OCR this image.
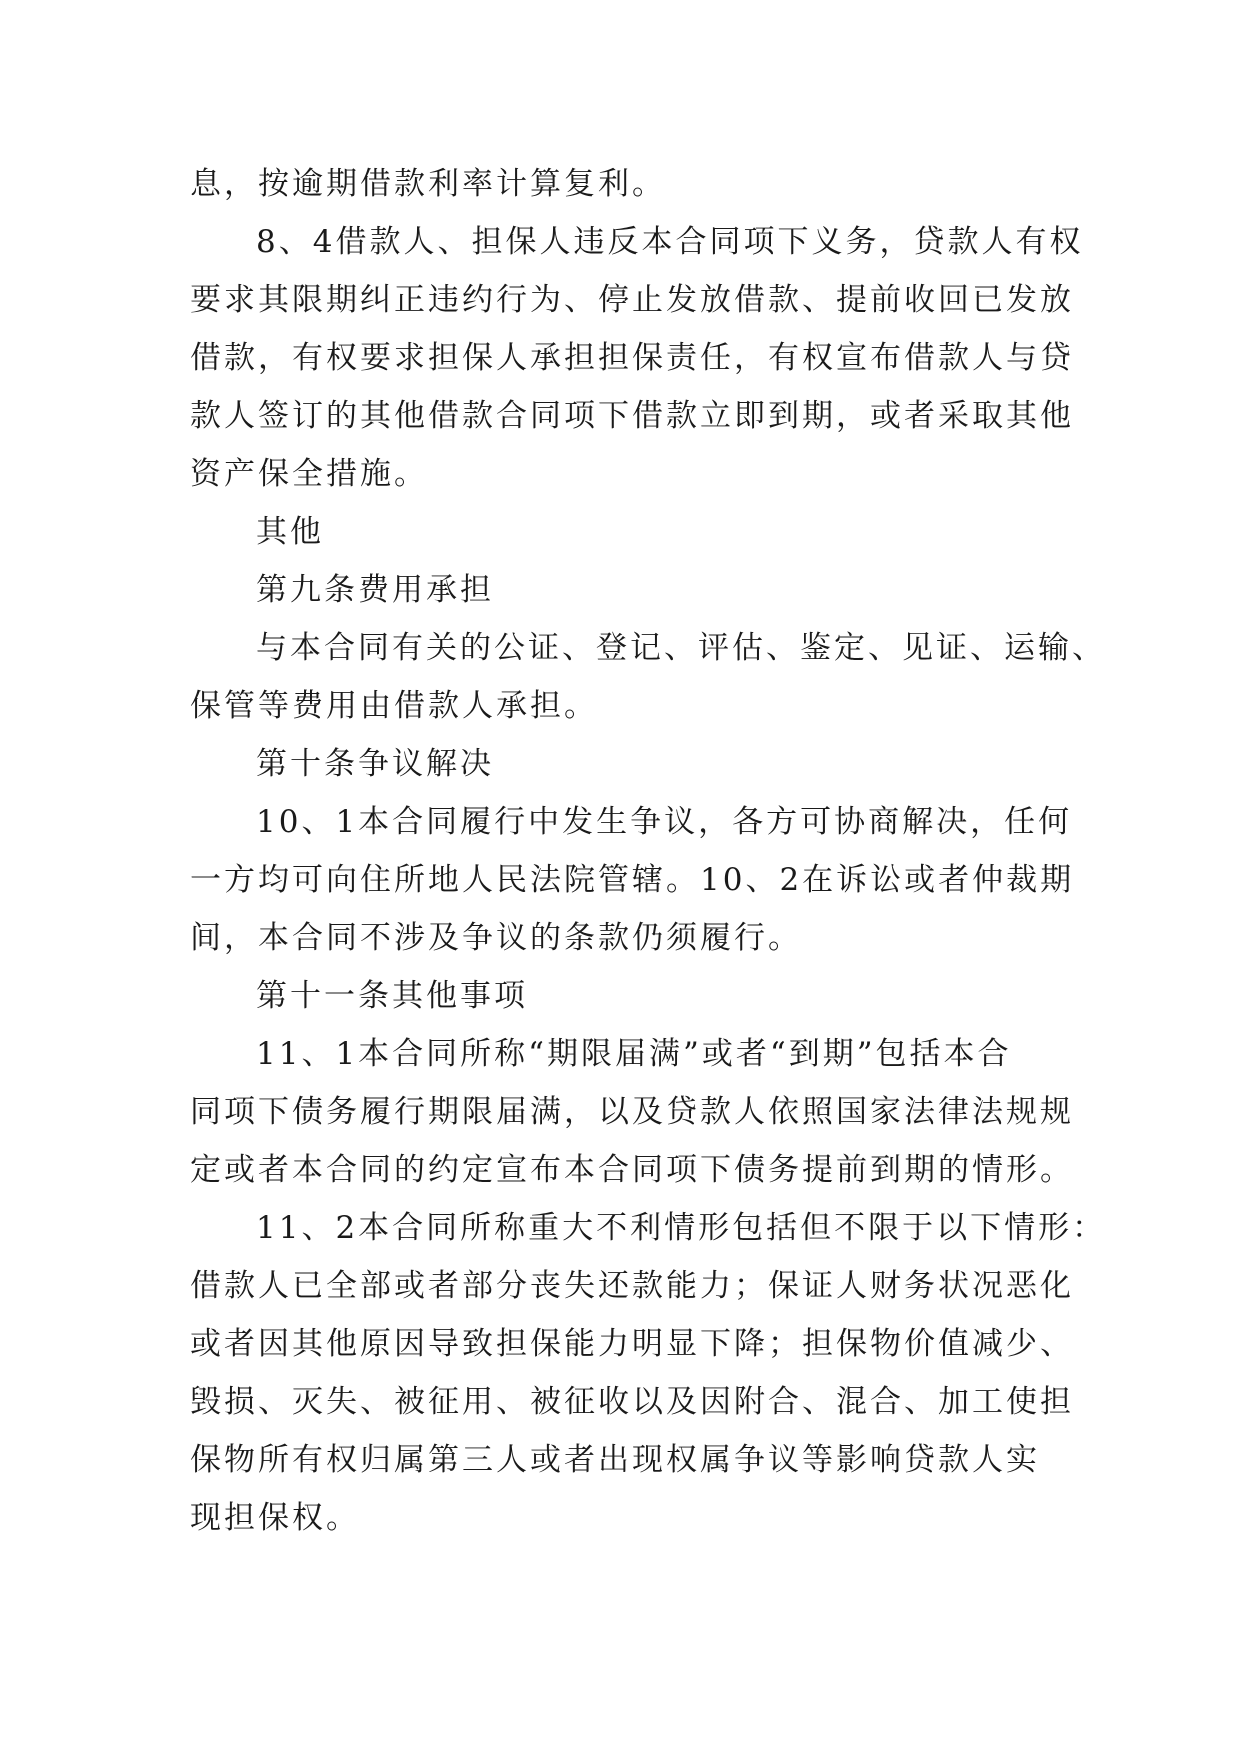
息，按逾期借款利率计算复利。
8、4借款人、担保人违反本合同项下义务，贷款人有权
要求其限期纠正违约行为、停止发放借款、提前收回已发放
借款，有权要求担保人承担担保责任，有权宣布借款人与贷
款人签订的其他借款合同项下借款立即到期，或者采取其他
资产保全措施。
其他
第九条费用承担
与本合同有关的公证、登记、评估、鉴定、见证、运输、
保管等费用由借款人承担。
第十条争议解决
10、1本合同履行中发生争议，各方可协商解决，任何
一方均可向住所地人民法院管辖。10、2在诉讼或者仲裁期
间，本合同不涉及争议的条款仍须履行。
第十一条其他事项
11、1本合同所称“期限届满”或者“到期”包括本合
同项下债务履行期限届满，以及贷款人依照国家法律法规规
定或者本合同的约定宣布本合同项下债务提前到期的情形。
11、2本合同所称重大不利情形包括但不限于以下情形：
借款人已全部或者部分丧失还款能力；保证人财务状况恶化
或者因其他原因导致担保能力明显下降；担保物价值减少、
毁损、灭失、被征用、被征收以及因附合、混合、加工使担
保物所有权归属第三人或者出现权属争议等影响贷款人实
现担保权。
